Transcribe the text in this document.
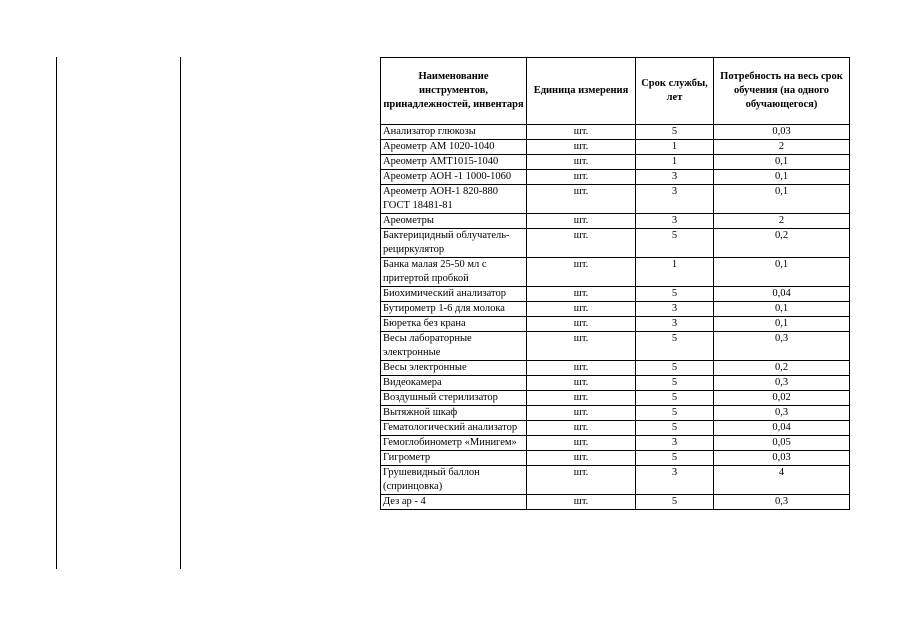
Наименование инструментов, принадлежностей, инвентаря	Единица измерения	Срок службы, лет	Потребность на весь срок обучения (на одного обучающегося)
Анализатор глюкозы	шт.	5	0,03
Ареометр АМ 1020-1040	шт.	1	2
Ареометр АМТ1015-1040	шт.	1	0,1
Ареометр АОН -1 1000-1060	шт.	3	0,1
Ареометр АОН-1 820-880 ГОСТ 18481-81	шт.	3	0,1
Ареометры	шт.	3	2
Бактерицидный облучатель-рециркулятор	шт.	5	0,2
Банка малая 25-50 мл с притертой пробкой	шт.	1	0,1
Биохимический анализатор	шт.	5	0,04
Бутирометр 1-6 для молока	шт.	3	0,1
Бюретка без крана	шт.	3	0,1
Весы лабораторные электронные	шт.	5	0,3
Весы электронные	шт.	5	0,2
Видеокамера	шт.	5	0,3
Воздушный стерилизатор	шт.	5	0,02
Вытяжной шкаф	шт.	5	0,3
Гематологический анализатор	шт.	5	0,04
Гемоглобинометр «Минигем»	шт.	3	0,05
Гигрометр	шт.	5	0,03
Грушевидный баллон (спринцовка)	шт.	3	4
Дез ар - 4	шт.	5	0,3
